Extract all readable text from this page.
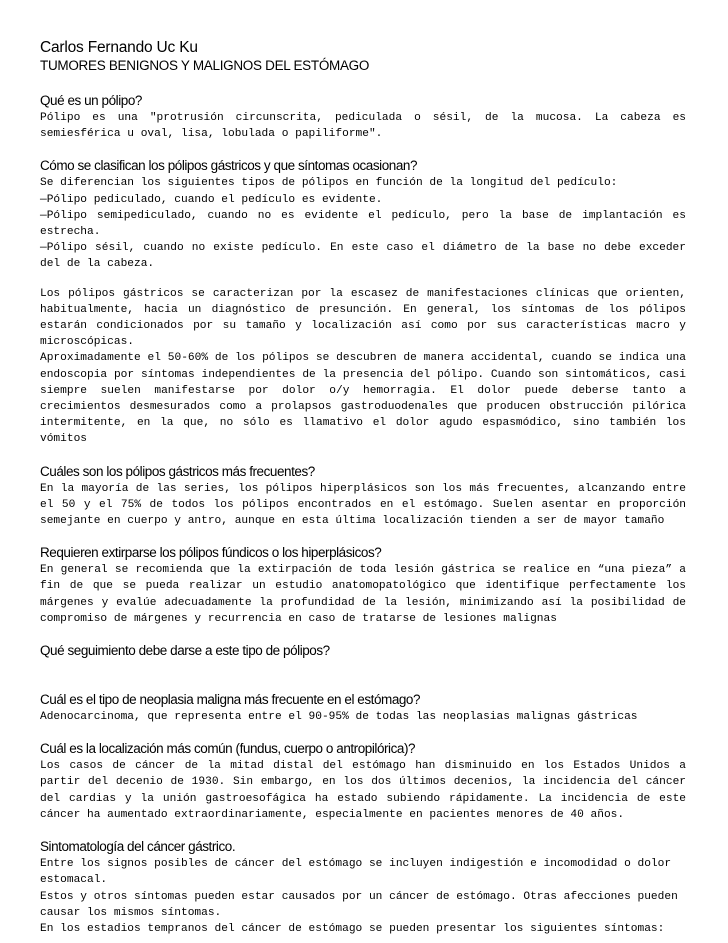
Carlos Fernando Uc Ku
TUMORES BENIGNOS Y MALIGNOS DEL ESTÓMAGO
Qué es un pólipo?

Pólipo es una "protrusión circunscrita, pediculada o sésil, de la mucosa. La cabeza es semiesférica u oval, lisa, lobulada o papiliforme".

Cómo se clasifican los pólipos gástricos y que síntomas ocasionan?

Se diferencian los siguientes tipos de pólipos en función de la longitud del pedículo:

—Pólipo pediculado, cuando el pedículo es evidente.

—Pólipo semipediculado, cuando no es evidente el pedículo, pero la base de implantación es estrecha.

—Pólipo sésil, cuando no existe pedículo. En este caso el diámetro de la base no debe exceder del de la cabeza.

Los pólipos gástricos se caracterizan por la escasez de manifestaciones clínicas que orienten, habitualmente, hacia un diagnóstico de presunción. En general, los síntomas de los pólipos estarán condicionados por su tamaño y localización así como por sus características macro y microscópicas.

Aproximadamente el 50-60% de los pólipos se descubren de manera accidental, cuando se indica una endoscopia por síntomas independientes de la presencia del pólipo. Cuando son sintomáticos, casi siempre suelen manifestarse por dolor o/y hemorragia. El dolor puede deberse tanto a crecimientos desmesurados como a prolapsos gastroduodenales que producen obstrucción pilórica intermitente, en la que, no sólo es llamativo el dolor agudo espasmódico, sino también los vómitos

Cuáles son los pólipos gástricos más frecuentes?

En la mayoría de las series, los pólipos hiperplásicos son los más frecuentes, alcanzando entre el 50 y el 75% de todos los pólipos encontrados en el estómago. Suelen asentar en proporción semejante en cuerpo y antro, aunque en esta última localización tienden a ser de mayor tamaño

Requieren extirparse los pólipos fúndicos o los hiperplásicos?

En general se recomienda que la extirpación de toda lesión gástrica se realice en “una pieza” a fin de que se pueda realizar un estudio anatomopatológico que identifique perfectamente los márgenes y evalúe adecuadamente la profundidad de la lesión, minimizando así la posibilidad de compromiso de márgenes y recurrencia en caso de tratarse de lesiones malignas

Qué seguimiento debe darse a este tipo de pólipos?
Cuál es el tipo de neoplasia maligna más frecuente en el estómago?

Adenocarcinoma, que representa entre el 90-95% de todas las neoplasias malignas gástricas

Cuál es la localización más común (fundus, cuerpo o antropilórica)?

Los casos de cáncer de la mitad distal del estómago han disminuido en los Estados Unidos a partir del decenio de 1930. Sin embargo, en los dos últimos decenios, la incidencia del cáncer del cardias y la unión gastroesofágica ha estado subiendo rápidamente. La incidencia de este cáncer ha aumentado extraordinariamente, especialmente en pacientes menores de 40 años.

Sintomatología del cáncer gástrico.

Entre los signos posibles de cáncer del estómago se incluyen indigestión e incomodidad o dolor estomacal.

Estos y otros síntomas pueden estar causados por un cáncer de estómago. Otras afecciones pueden causar los mismos síntomas.

En los estadios tempranos del cáncer de estómago se pueden presentar los siguientes síntomas:
